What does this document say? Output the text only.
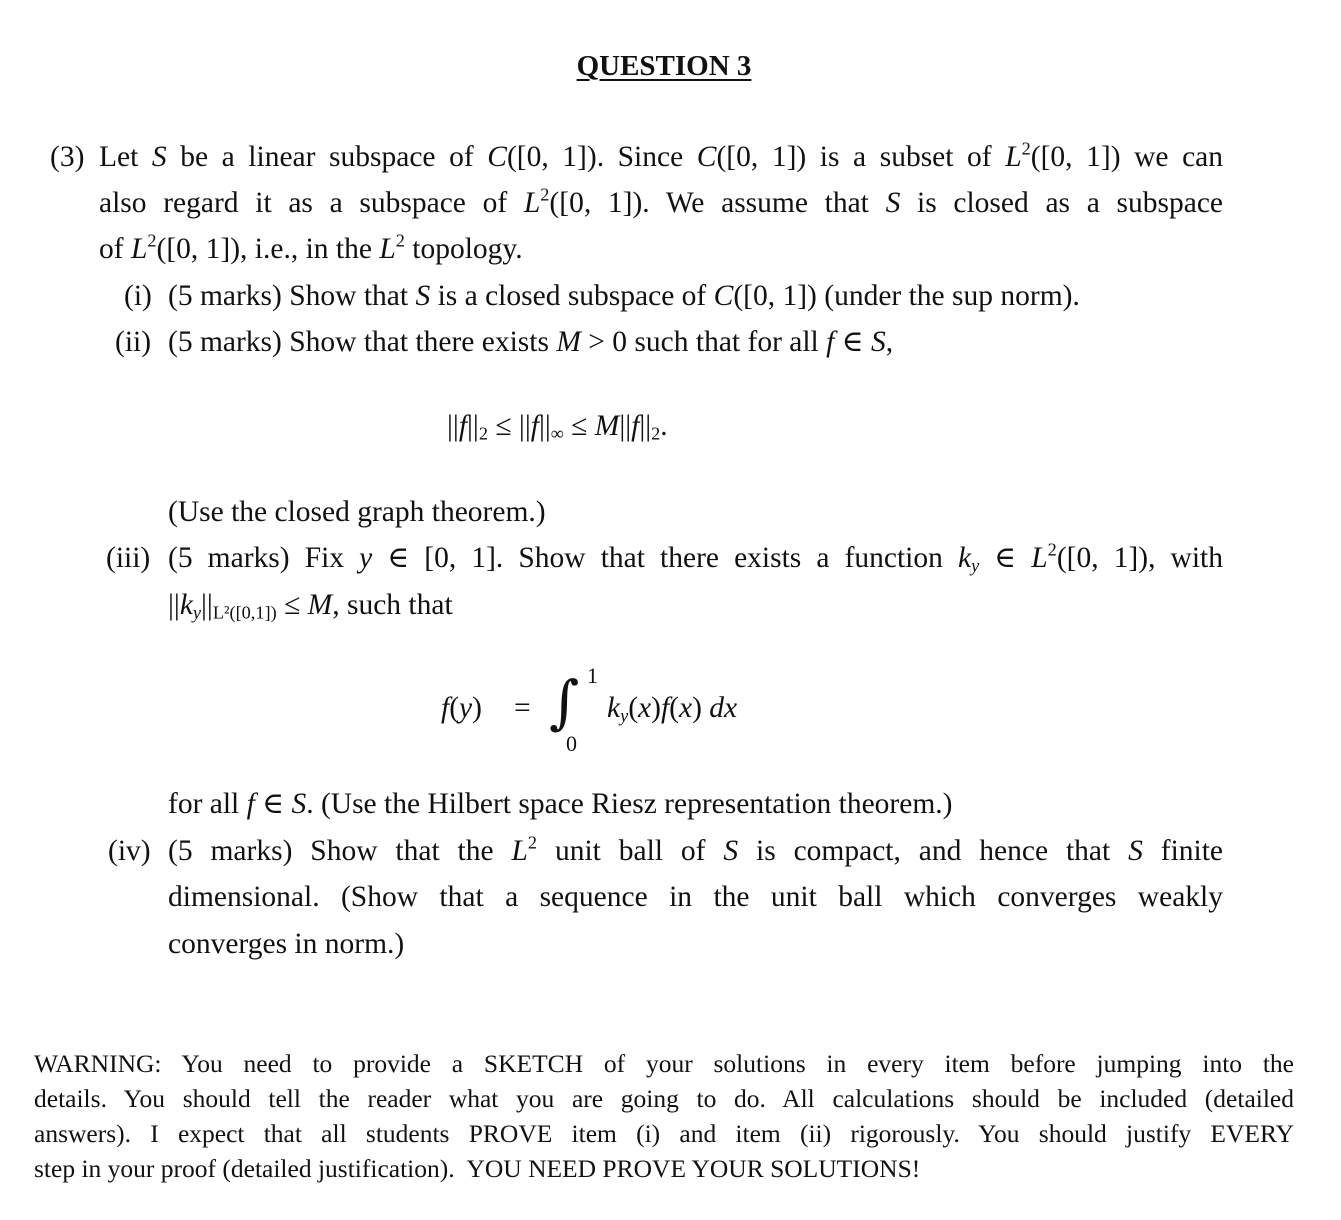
QUESTION 3
(3) Let S be a linear subspace of C([0, 1]). Since C([0, 1]) is a subset of $L^2([0$, 1]) we can
also regard it as a subspace of $L^2([0$, 1]). We assume that S is closed as a subspace
of $L^2([0$, 1]), i.e., in the $L^2$ topology.
(i) (5 marks) Show that S is a closed subspace of C([0, 1]) (under the sup norm).
(ii) (5 marks) Show that there exists M > 0 such that for all f ∈ S,
$||f||_2 \le ||f||_\infty \le M||f||_2$.
(Use the closed graph theorem.)
(iii) (5 marks) Fix y ∈ [0, 1]. Show that there exists a function $k_y$ ∈ $L^2([0$, 1]), with
$||k_y||_{L^2([0,1])} \le M$, such that
f(y) = ∫ 1
0
$k_y(x)f(x)$ dx
for all f ∈ S. (Use the Hilbert space Riesz representation theorem.)
(iv) (5 marks) Show that the $L^2$ unit ball of S is compact, and hence that S finite
dimensional. (Show that a sequence in the unit ball which converges weakly
converges in norm.)
WARNING: You need to provide a SKETCH of your solutions in every item before jumping into the
details. You should tell the reader what you are going to do. All calculations should be included (detailed
answers). I expect that all students PROVE item (i) and item (ii) rigorously. You should justify EVERY
step in your proof (detailed justification).  YOU NEED PROVE YOUR SOLUTIONS!
